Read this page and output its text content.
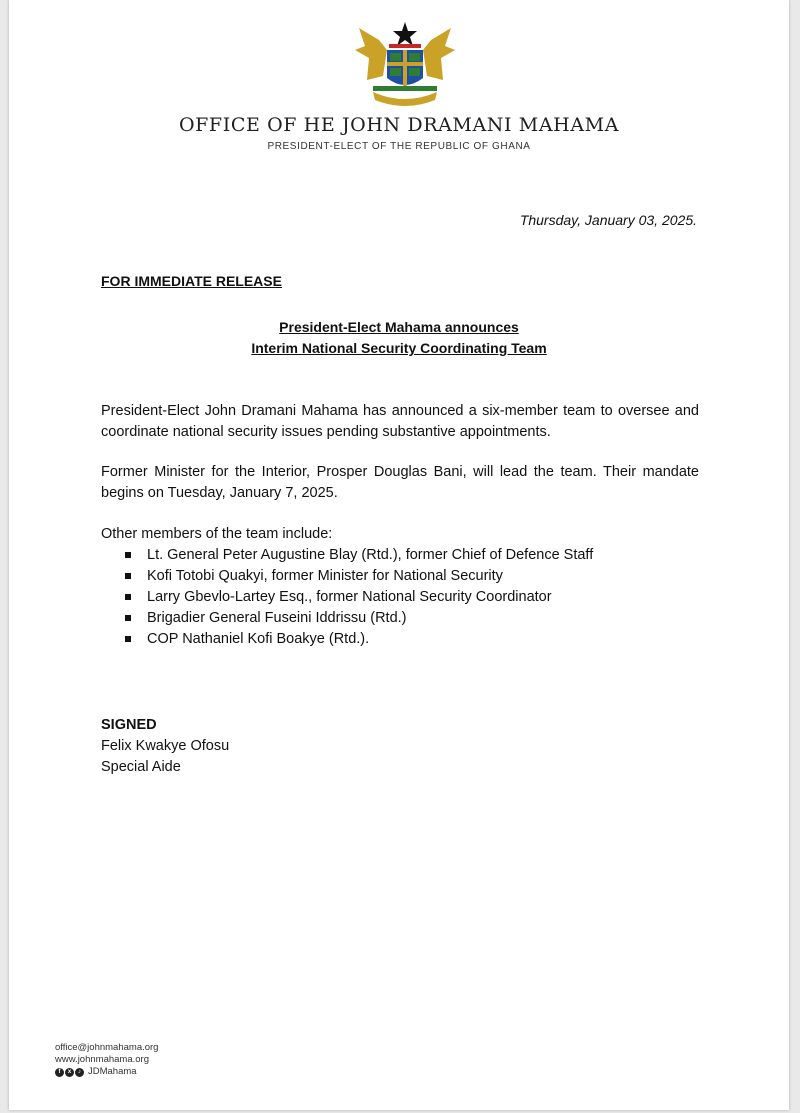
OFFICE OF HE JOHN DRAMANI MAHAMA
PRESIDENT-ELECT OF THE REPUBLIC OF GHANA
Thursday, January 03, 2025.
FOR IMMEDIATE RELEASE
President-Elect Mahama announces
Interim National Security Coordinating Team

President-Elect John Dramani Mahama has announced a six-member team to oversee and coordinate national security issues pending substantive appointments.

Former Minister for the Interior, Prosper Douglas Bani, will lead the team. Their mandate begins on Tuesday, January 7, 2025.

Other members of the team include:

Lt. General Peter Augustine Blay (Rtd.), former Chief of Defence Staff
Kofi Totobi Quakyi, former Minister for National Security
Larry Gbevlo-Lartey Esq., former National Security Coordinator
Brigadier General Fuseini Iddrissu (Rtd.)
COP Nathaniel Kofi Boakye (Rtd.).
SIGNED
Felix Kwakye Ofosu
Special Aide
office@johnmahama.org
www.johnmahama.org
f	x	♪ JDMahama
